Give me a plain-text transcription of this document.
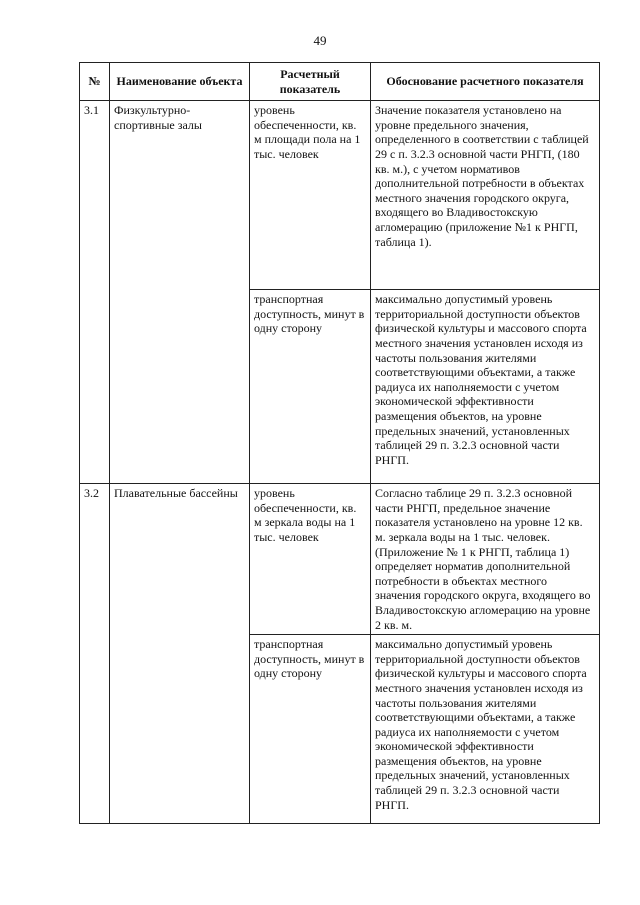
49
№	Наименование объекта	Расчетный показатель	Обоснование расчетного показателя
3.1	Физкультурно-спортивные залы	уровень обеспеченности, кв. м площади пола на 1 тыс. человек	Значение показателя установлено на уровне предельного значения, определенного в соответствии с таблицей 29 с п. 3.2.3 основной части РНГП, (180 кв. м.), с учетом нормативов дополнительной потребности в объектах местного значения городского округа, входящего во Владивостокскую агломерацию (приложение №1 к РНГП, таблица 1).
		транспортная доступность, минут в одну сторону	максимально допустимый уровень территориальной доступности объектов физической культуры и массового спорта местного значения установлен исходя из частоты пользования жителями соответствующими объектами, а также радиуса их наполняемости с учетом экономической эффективности размещения объектов, на уровне предельных значений, установленных таблицей 29 п. 3.2.3 основной части РНГП.
3.2	Плавательные бассейны	уровень обеспеченности, кв. м зеркала воды на 1 тыс. человек	Согласно таблице 29 п. 3.2.3 основной части РНГП, предельное значение показателя установлено на уровне 12 кв. м. зеркала воды на 1 тыс. человек. (Приложение № 1 к РНГП, таблица 1) определяет норматив дополнительной потребности в объектах местного значения городского округа, входящего во Владивостокскую агломерацию на уровне 2 кв. м.
		транспортная доступность, минут в одну сторону	максимально допустимый уровень территориальной доступности объектов физической культуры и массового спорта местного значения установлен исходя из частоты пользования жителями соответствующими объектами, а также радиуса их наполняемости с учетом экономической эффективности размещения объектов, на уровне предельных значений, установленных таблицей 29 п. 3.2.3 основной части РНГП.
